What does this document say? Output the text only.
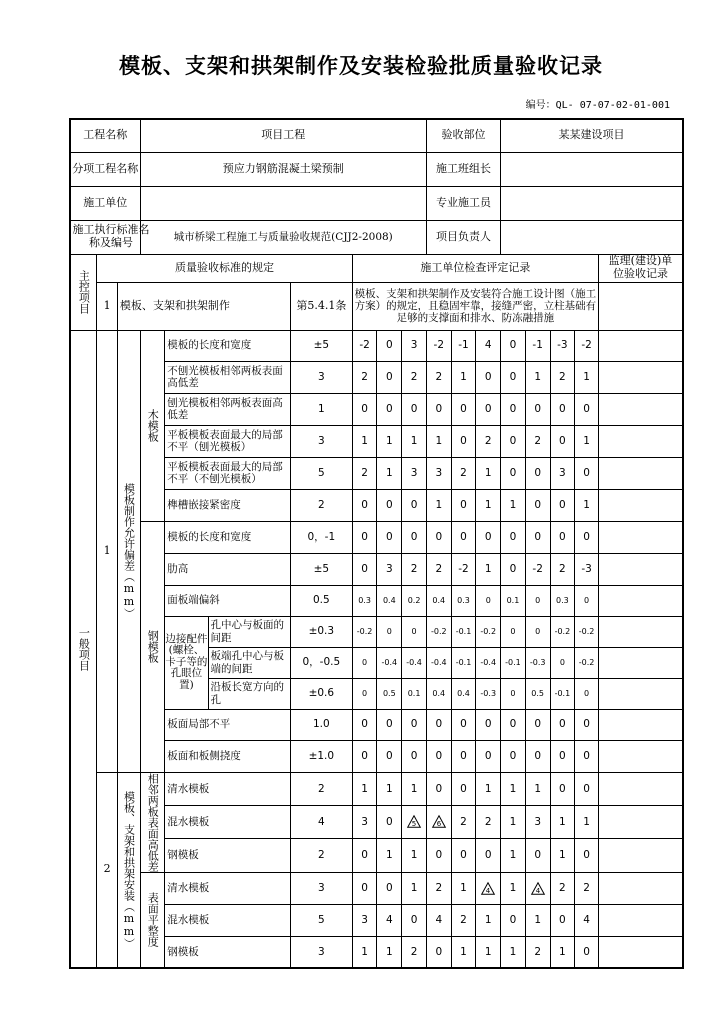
模板、支架和拱架制作及安装检验批质量验收记录
编号：QL- 07-07-02-01-001
工程名称			项目工程							验收部位			某某建设项目				
分项工程名称			预应力钢筋混凝土梁预制							施工班组长							
施工单位										专业施工员							

施工执行标准名称及编号			城市桥梁工程施工与质量验收规范(CJJ2-2008)							项目负责人							

主控项目	质量验收标准的规定						施工单位检查评定记录										监理(建设)单位验收记录

	1	模板、支架和拱架制作				第5.4.1条	模板、支架和拱架制作及安装符合施工设计图（施工方案）的规定，且稳固牢靠，接缝严密，立柱基础有足够的支撑面和排水、防冻融措施										

一般项目	1	模板制作允许偏差（mm）	木模板	模板的长度和宽度		±5	-2	0	3	-2	-1	4	0	-1	-3	-2	
				不刨光模板相邻两板表面高低差		3	2	0	2	2	1	0	0	1	2	1	
				刨光模板相邻两板表面高低差		1	0	0	0	0	0	0	0	0	0	0	
				平板模板表面最大的局部不平（刨光模板）		3	1	1	1	1	0	2	0	2	0	1	
				平板模板表面最大的局部不平（不刨光模板）		5	2	1	3	3	2	1	0	0	3	0	
				榫槽嵌接紧密度		2	0	0	0	1	0	1	1	0	0	1	

			钢模板	模板的长度和宽度		0，-1	0	0	0	0	0	0	0	0	0	0	
				肋高		±5	0	3	2	2	-2	1	0	-2	2	-3	
				面板端偏斜		0.5	0.3	0.4	0.2	0.4	0.3	0	0.1	0	0.3	0	

				边接配件(螺栓、卡子等的孔眼位置)	孔中心与板面的间距	±0.3	-0.2	0	0	-0.2	-0.1	-0.2	0	0	-0.2	-0.2	
					板端孔中心与板端的间距	0，-0.5	0	-0.4	-0.4	-0.4	-0.1	-0.4	-0.1	-0.3	0	-0.2	
					沿板长宽方向的孔	±0.6	0	0.5	0.1	0.4	0.4	-0.3	0	0.5	-0.1	0	
				板面局部不平		1.0	0	0	0	0	0	0	0	0	0	0	
				板面和板侧挠度		±1.0	0	0	0	0	0	0	0	0	0	0	
	2	模板、支架和拱架安装（mm）	相邻两板表面高低差	清水模板		2	1	1	1	0	0	1	1	1	0	0	
				混水模板		4	3	0	5	6	2	2	1	3	1	1	
				钢模板		2	0	1	1	0	0	0	1	0	1	0	

			表面平整度	清水模板		3	0	0	1	2	1	4	1	4	2	2	
				混水模板		5	3	4	0	4	2	1	0	1	0	4	
				钢模板		3	1	1	2	0	1	1	1	2	1	0	
